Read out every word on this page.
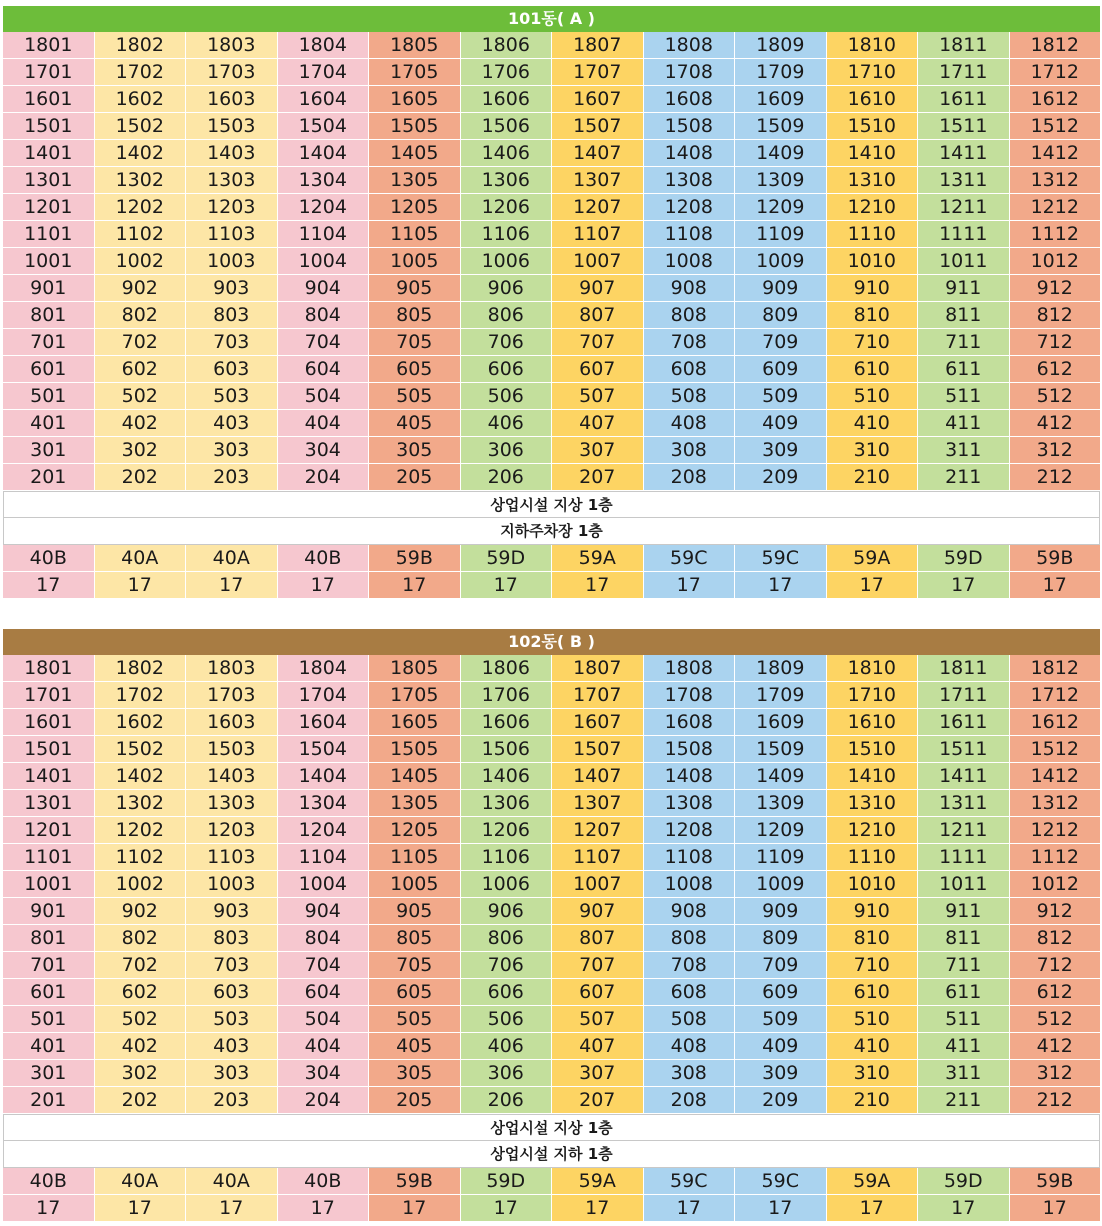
101동( A )
1801	1802	1803	1804	1805	1806	1807	1808	1809	1810	1811	1812
1701	1702	1703	1704	1705	1706	1707	1708	1709	1710	1711	1712
1601	1602	1603	1604	1605	1606	1607	1608	1609	1610	1611	1612
1501	1502	1503	1504	1505	1506	1507	1508	1509	1510	1511	1512
1401	1402	1403	1404	1405	1406	1407	1408	1409	1410	1411	1412
1301	1302	1303	1304	1305	1306	1307	1308	1309	1310	1311	1312
1201	1202	1203	1204	1205	1206	1207	1208	1209	1210	1211	1212
1101	1102	1103	1104	1105	1106	1107	1108	1109	1110	1111	1112
1001	1002	1003	1004	1005	1006	1007	1008	1009	1010	1011	1012
901	902	903	904	905	906	907	908	909	910	911	912
801	802	803	804	805	806	807	808	809	810	811	812
701	702	703	704	705	706	707	708	709	710	711	712
601	602	603	604	605	606	607	608	609	610	611	612
501	502	503	504	505	506	507	508	509	510	511	512
401	402	403	404	405	406	407	408	409	410	411	412
301	302	303	304	305	306	307	308	309	310	311	312
201	202	203	204	205	206	207	208	209	210	211	212
상업시설 지상 1층
지하주차장 1층
40B	40A	40A	40B	59B	59D	59A	59C	59C	59A	59D	59B
17	17	17	17	17	17	17	17	17	17	17	17
102동( B )
1801	1802	1803	1804	1805	1806	1807	1808	1809	1810	1811	1812
1701	1702	1703	1704	1705	1706	1707	1708	1709	1710	1711	1712
1601	1602	1603	1604	1605	1606	1607	1608	1609	1610	1611	1612
1501	1502	1503	1504	1505	1506	1507	1508	1509	1510	1511	1512
1401	1402	1403	1404	1405	1406	1407	1408	1409	1410	1411	1412
1301	1302	1303	1304	1305	1306	1307	1308	1309	1310	1311	1312
1201	1202	1203	1204	1205	1206	1207	1208	1209	1210	1211	1212
1101	1102	1103	1104	1105	1106	1107	1108	1109	1110	1111	1112
1001	1002	1003	1004	1005	1006	1007	1008	1009	1010	1011	1012
901	902	903	904	905	906	907	908	909	910	911	912
801	802	803	804	805	806	807	808	809	810	811	812
701	702	703	704	705	706	707	708	709	710	711	712
601	602	603	604	605	606	607	608	609	610	611	612
501	502	503	504	505	506	507	508	509	510	511	512
401	402	403	404	405	406	407	408	409	410	411	412
301	302	303	304	305	306	307	308	309	310	311	312
201	202	203	204	205	206	207	208	209	210	211	212
상업시설 지상 1층
상업시설 지하 1층
40B	40A	40A	40B	59B	59D	59A	59C	59C	59A	59D	59B
17	17	17	17	17	17	17	17	17	17	17	17
